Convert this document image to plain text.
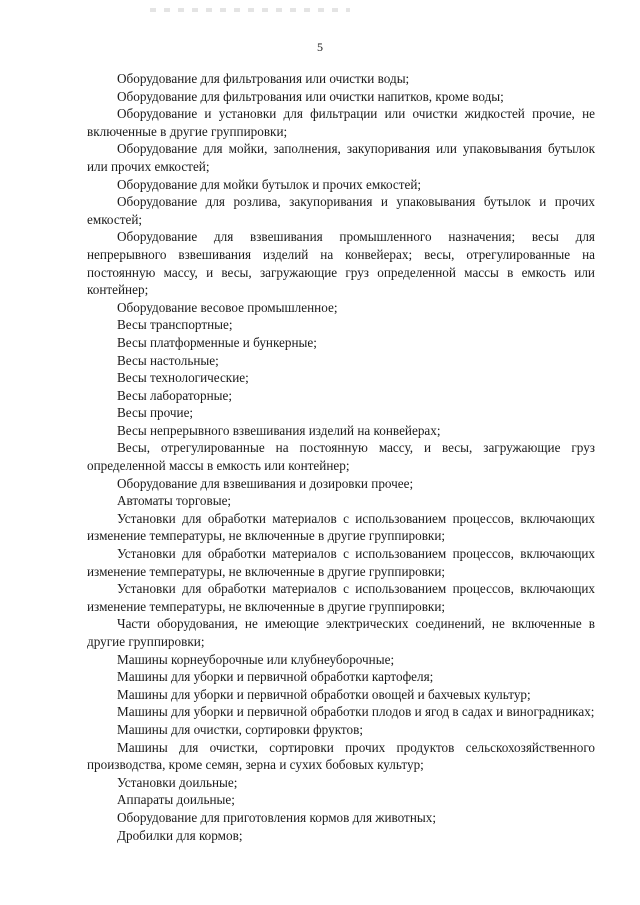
5

Оборудование для фильтрования или очистки воды;

Оборудование для фильтрования или очистки напитков, кроме воды;

Оборудование и установки для фильтрации или очистки жидкостей прочие, не включенные в другие группировки;

Оборудование для мойки, заполнения, закупоривания или упаковывания бутылок или прочих емкостей;

Оборудование для мойки бутылок и прочих емкостей;

Оборудование для розлива, закупоривания и упаковывания бутылок и прочих емкостей;

Оборудование для взвешивания промышленного назначения; весы для непрерывного взвешивания изделий на конвейерах; весы, отрегулированные на постоянную массу, и весы, загружающие груз определенной массы в емкость или контейнер;

Оборудование весовое промышленное;

Весы транспортные;

Весы платформенные и бункерные;

Весы настольные;

Весы технологические;

Весы лабораторные;

Весы прочие;

Весы непрерывного взвешивания изделий на конвейерах;

Весы, отрегулированные на постоянную массу, и весы, загружающие груз определенной массы в емкость или контейнер;

Оборудование для взвешивания и дозировки прочее;

Автоматы торговые;

Установки для обработки материалов с использованием процессов, включающих изменение температуры, не включенные в другие группировки;

Установки для обработки материалов с использованием процессов, включающих изменение температуры, не включенные в другие группировки;

Установки для обработки материалов с использованием процессов, включающих изменение температуры, не включенные в другие группировки;

Части оборудования, не имеющие электрических соединений, не включенные в другие группировки;

Машины корнеуборочные или клубнеуборочные;

Машины для уборки и первичной обработки картофеля;

Машины для уборки и первичной обработки овощей и бахчевых культур;

Машины для уборки и первичной обработки плодов и ягод в садах и виноградниках;

Машины для очистки, сортировки фруктов;

Машины для очистки, сортировки прочих продуктов сельскохозяйственного производства, кроме семян, зерна и сухих бобовых культур;

Установки доильные;

Аппараты доильные;

Оборудование для приготовления кормов для животных;

Дробилки для кормов;
